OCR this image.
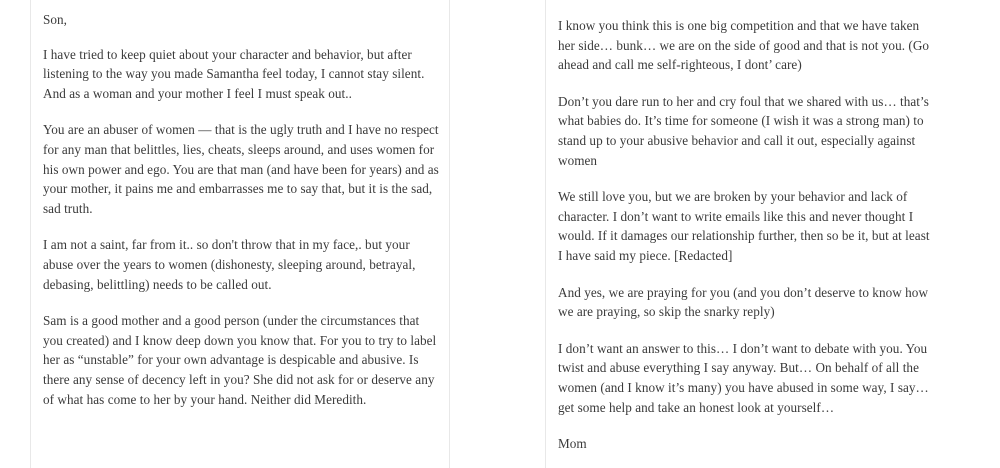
Son,

I have tried to keep quiet about your character and behavior, but after listening to the way you made Samantha feel today, I cannot stay silent. And as a woman and your mother I feel I must speak out..

You are an abuser of women — that is the ugly truth and I have no respect for any man that belittles, lies, cheats, sleeps around, and uses women for his own power and ego. You are that man (and have been for years) and as your mother, it pains me and embarrasses me to say that, but it is the sad, sad truth.

I am not a saint, far from it.. so don't throw that in my face,. but your abuse over the years to women (dishonesty, sleeping around, betrayal, debasing, belittling) needs to be called out.

Sam is a good mother and a good person (under the circumstances that you created) and I know deep down you know that. For you to try to label her as “unstable” for your own advantage is despicable and abusive. Is there any sense of decency left in you? She did not ask for or deserve any of what has come to her by your hand. Neither did Meredith.

I know you think this is one big competition and that we have taken her side… bunk… we are on the side of good and that is not you. (Go ahead and call me self-righteous, I dont’ care)

Don’t you dare run to her and cry foul that we shared with us… that’s what babies do. It’s time for someone (I wish it was a strong man) to stand up to your abusive behavior and call it out, especially against women

We still love you, but we are broken by your behavior and lack of character. I don’t want to write emails like this and never thought I would. If it damages our relationship further, then so be it, but at least I have said my piece. [Redacted]

And yes, we are praying for you (and you don’t deserve to know how we are praying, so skip the snarky reply)

I don’t want an answer to this… I don’t want to debate with you. You twist and abuse everything I say anyway. But… On behalf of all the women (and I know it’s many) you have abused in some way, I say… get some help and take an honest look at yourself…

Mom
